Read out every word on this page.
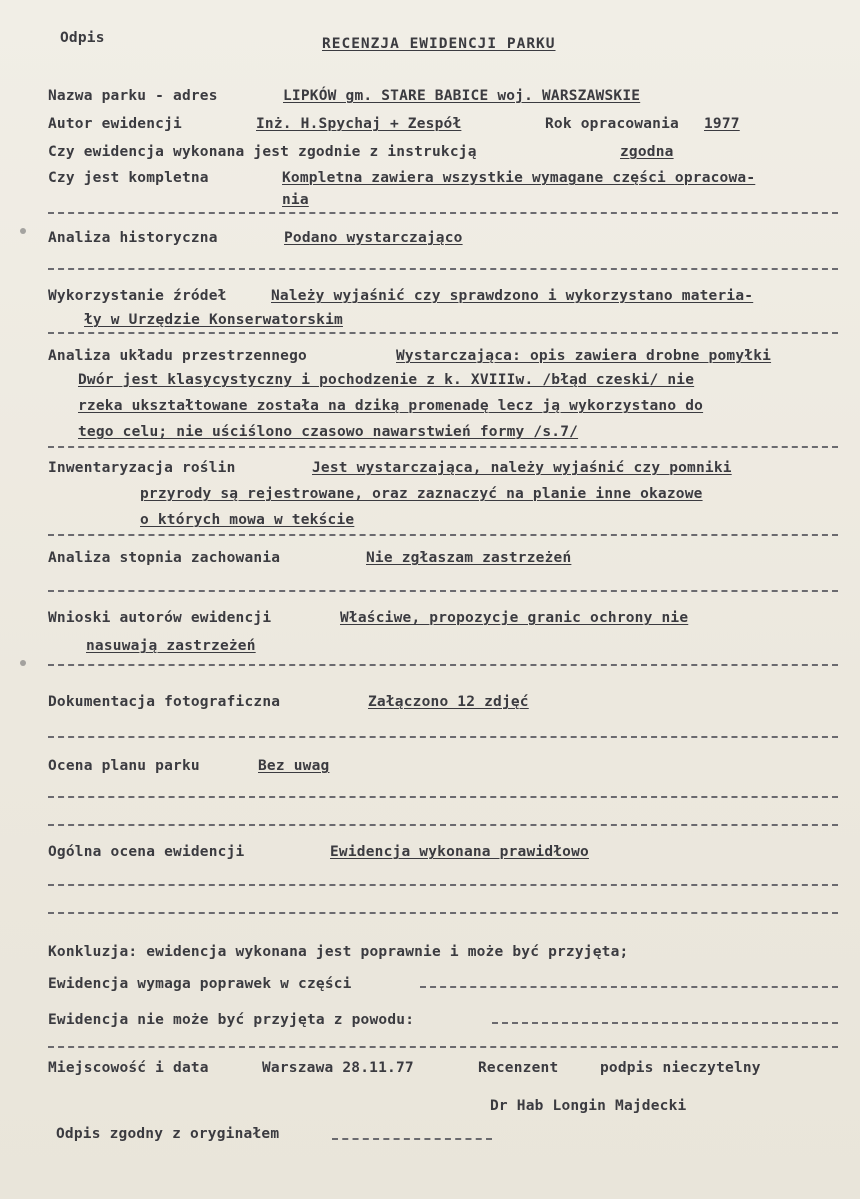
Odpis	RECENZJA EWIDENCJI PARKU
Nazwa parku - adres	LIPKÓW gm. STARE BABICE woj. WARSZAWSKIE
Autor ewidencji	Inż. H.Spychaj + Zespół	Rok opracowania 1977
Czy ewidencja wykonana jest zgodnie z instrukcją	zgodna
Czy jest kompletna	Kompletna zawiera wszystkie wymagane części opracowa-
nia
Analiza historyczna	Podano wystarczająco
Wykorzystanie źródeł	Należy wyjaśnić czy sprawdzono i wykorzystano materia-
ły w Urzędzie Konserwatorskim
Analiza układu przestrzennego	Wystarczająca: opis zawiera drobne pomyłki
Dwór jest klasycystyczny i pochodzenie z k. XVIIIw. /błąd czeski/ nie
rzeka ukształtowane została na dziką promenadę lecz ją wykorzystano do
tego celu; nie uściślono czasowo nawarstwień formy /s.7/
Inwentaryzacja roślin	Jest wystarczająca, należy wyjaśnić czy pomniki
przyrody są rejestrowane, oraz zaznaczyć na planie inne okazowe
o których mowa w tekście
Analiza stopnia zachowania	Nie zgłaszam zastrzeżeń
Wnioski autorów ewidencji	Właściwe, propozycje granic ochrony nie
nasuwają zastrzeżeń
Dokumentacja fotograficzna	Załączono 12 zdjęć
Ocena planu parku	Bez uwag
Ogólna ocena ewidencji	Ewidencja wykonana prawidłowo
Konkluzja: ewidencja wykonana jest poprawnie i może być przyjęta;
Ewidencja wymaga poprawek w części
Ewidencja nie może być przyjęta z powodu:
Miejscowość i data	Warszawa 28.11.77	Recenzent	podpis nieczytelny
Dr Hab Longin Majdecki
Odpis zgodny z oryginałem
